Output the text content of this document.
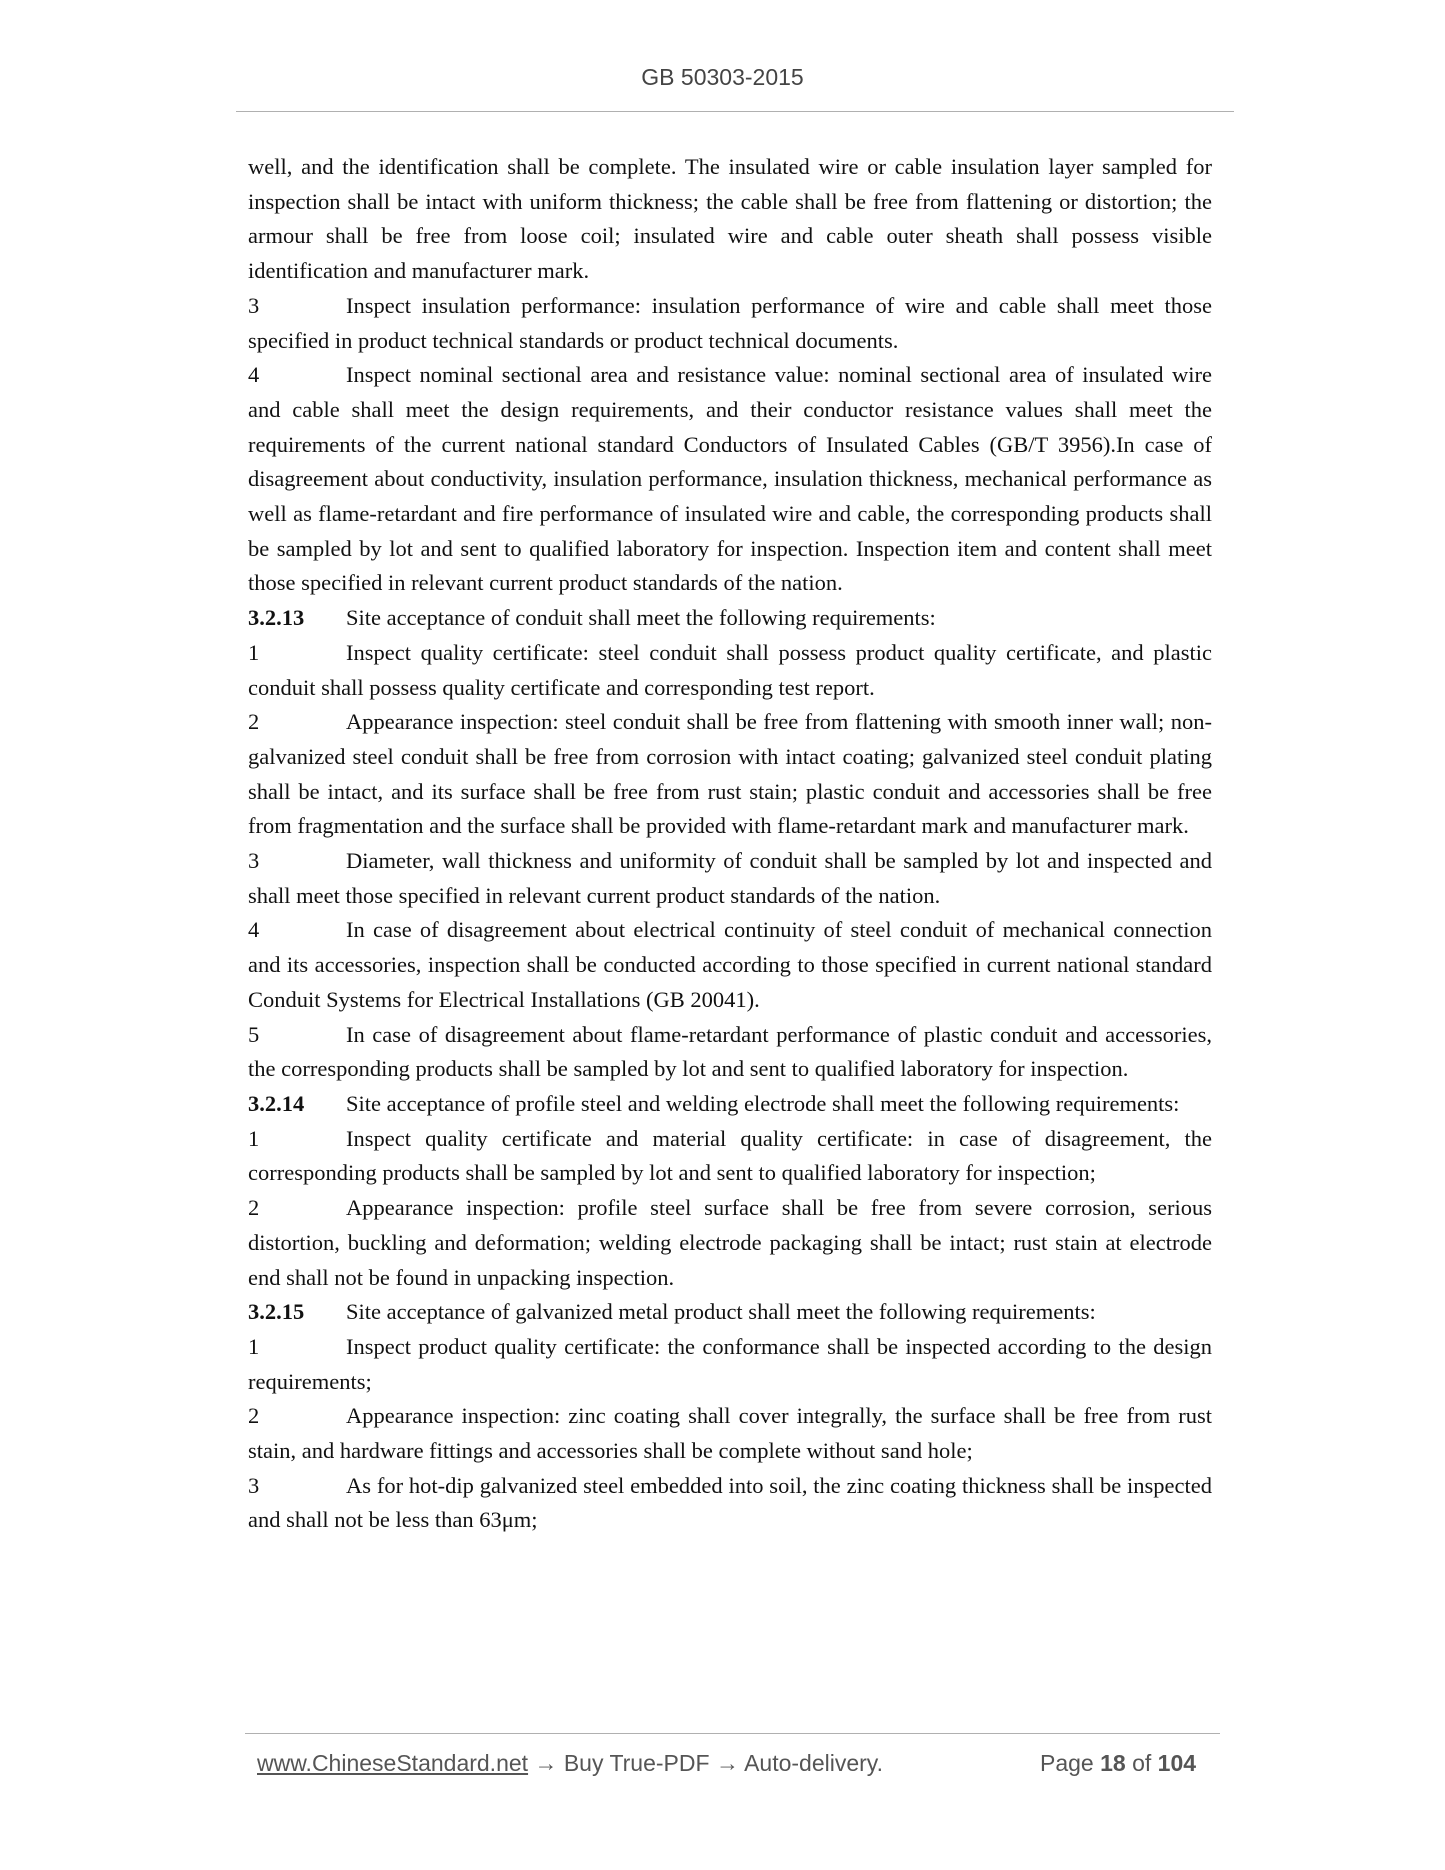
GB 50303-2015

well, and the identification shall be complete. The insulated wire or cable insulation layer sampled for inspection shall be intact with uniform thickness; the cable shall be free from flattening or distortion; the armour shall be free from loose coil; insulated wire and cable outer sheath shall possess visible identification and manufacturer mark.

3	Inspect insulation performance: insulation performance of wire and cable shall meet those specified in product technical standards or product technical documents.

4	Inspect nominal sectional area and resistance value: nominal sectional area of insulated wire and cable shall meet the design requirements, and their conductor resistance values shall meet the requirements of the current national standard Conductors of Insulated Cables (GB/T 3956).In case of disagreement about conductivity, insulation performance, insulation thickness, mechanical performance as well as flame-retardant and fire performance of insulated wire and cable, the corresponding products shall be sampled by lot and sent to qualified laboratory for inspection. Inspection item and content shall meet those specified in relevant current product standards of the nation.

3.2.13 Site acceptance of conduit shall meet the following requirements:

1	Inspect quality certificate: steel conduit shall possess product quality certificate, and plastic conduit shall possess quality certificate and corresponding test report.

2	Appearance inspection: steel conduit shall be free from flattening with smooth inner wall; non-galvanized steel conduit shall be free from corrosion with intact coating; galvanized steel conduit plating shall be intact, and its surface shall be free from rust stain; plastic conduit and accessories shall be free from fragmentation and the surface shall be provided with flame-retardant mark and manufacturer mark.

3	Diameter, wall thickness and uniformity of conduit shall be sampled by lot and inspected and shall meet those specified in relevant current product standards of the nation.

4	In case of disagreement about electrical continuity of steel conduit of mechanical connection and its accessories, inspection shall be conducted according to those specified in current national standard Conduit Systems for Electrical Installations (GB 20041).

5	In case of disagreement about flame-retardant performance of plastic conduit and accessories, the corresponding products shall be sampled by lot and sent to qualified laboratory for inspection.

3.2.14 Site acceptance of profile steel and welding electrode shall meet the following requirements:

1	Inspect quality certificate and material quality certificate: in case of disagreement, the corresponding products shall be sampled by lot and sent to qualified laboratory for inspection;

2	Appearance inspection: profile steel surface shall be free from severe corrosion, serious distortion, buckling and deformation; welding electrode packaging shall be intact; rust stain at electrode end shall not be found in unpacking inspection.

3.2.15 Site acceptance of galvanized metal product shall meet the following requirements:

1	Inspect product quality certificate: the conformance shall be inspected according to the design requirements;

2	Appearance inspection: zinc coating shall cover integrally, the surface shall be free from rust stain, and hardware fittings and accessories shall be complete without sand hole;

3	As for hot-dip galvanized steel embedded into soil, the zinc coating thickness shall be inspected and shall not be less than 63μm;

www.ChineseStandard.net → Buy True-PDF → Auto-delivery.	Page 18 of 104
